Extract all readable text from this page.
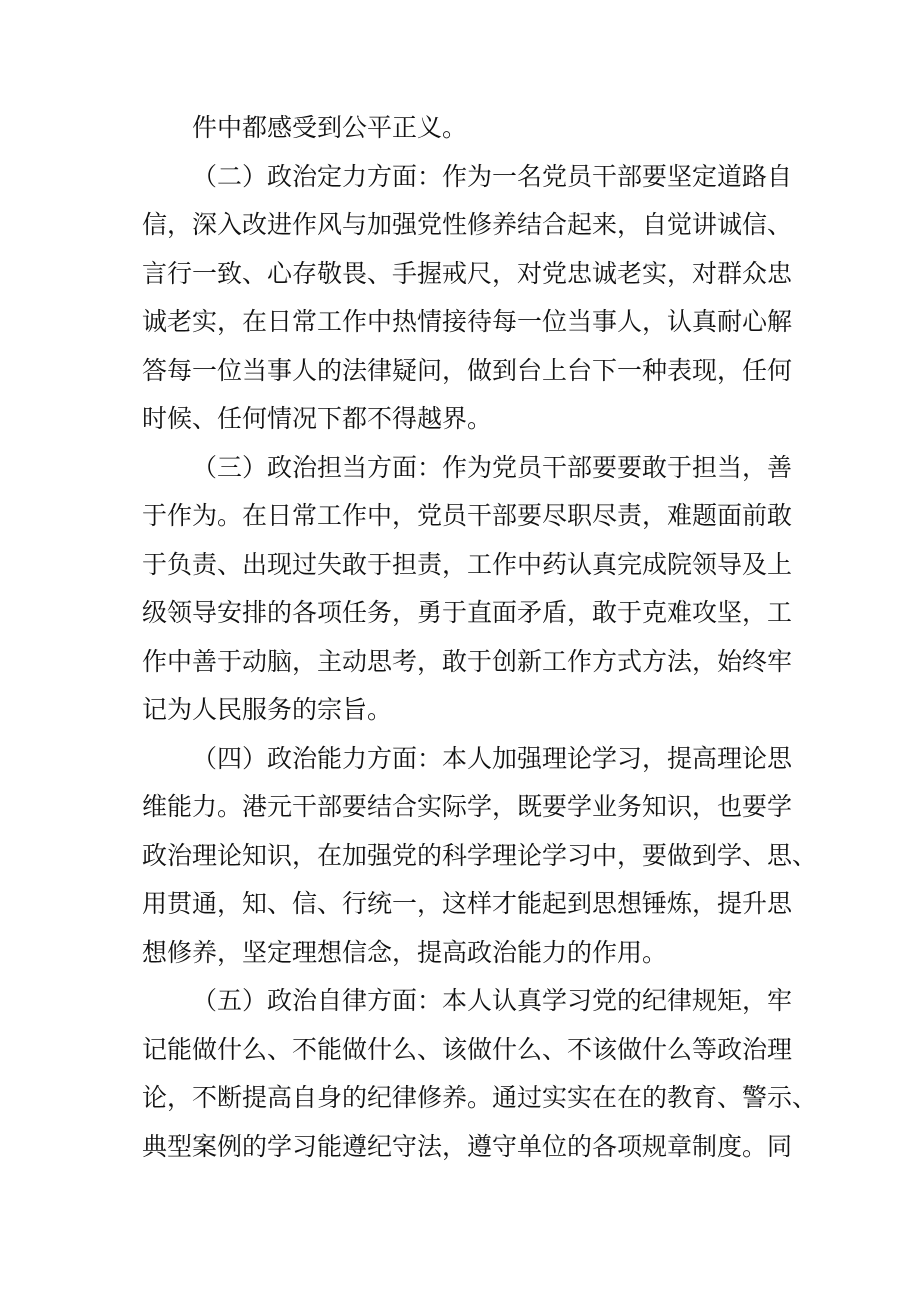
件中都感受到公平正义。
（二）政治定力方面：作为一名党员干部要坚定道路自
信，深入改进作风与加强党性修养结合起来，自觉讲诚信、
言行一致、心存敬畏、手握戒尺，对党忠诚老实，对群众忠
诚老实，在日常工作中热情接待每一位当事人，认真耐心解
答每一位当事人的法律疑问，做到台上台下一种表现，任何
时候、任何情况下都不得越界。
（三）政治担当方面：作为党员干部要要敢于担当，善
于作为。在日常工作中，党员干部要尽职尽责，难题面前敢
于负责、出现过失敢于担责，工作中药认真完成院领导及上
级领导安排的各项任务，勇于直面矛盾，敢于克难攻坚，工
作中善于动脑，主动思考，敢于创新工作方式方法，始终牢
记为人民服务的宗旨。
（四）政治能力方面：本人加强理论学习，提高理论思
维能力。港元干部要结合实际学，既要学业务知识，也要学
政治理论知识，在加强党的科学理论学习中，要做到学、思、
用贯通，知、信、行统一，这样才能起到思想锤炼，提升思
想修养，坚定理想信念，提高政治能力的作用。
（五）政治自律方面：本人认真学习党的纪律规矩，牢
记能做什么、不能做什么、该做什么、不该做什么等政治理
论，不断提高自身的纪律修养。通过实实在在的教育、警示、
典型案例的学习能遵纪守法，遵守单位的各项规章制度。同
